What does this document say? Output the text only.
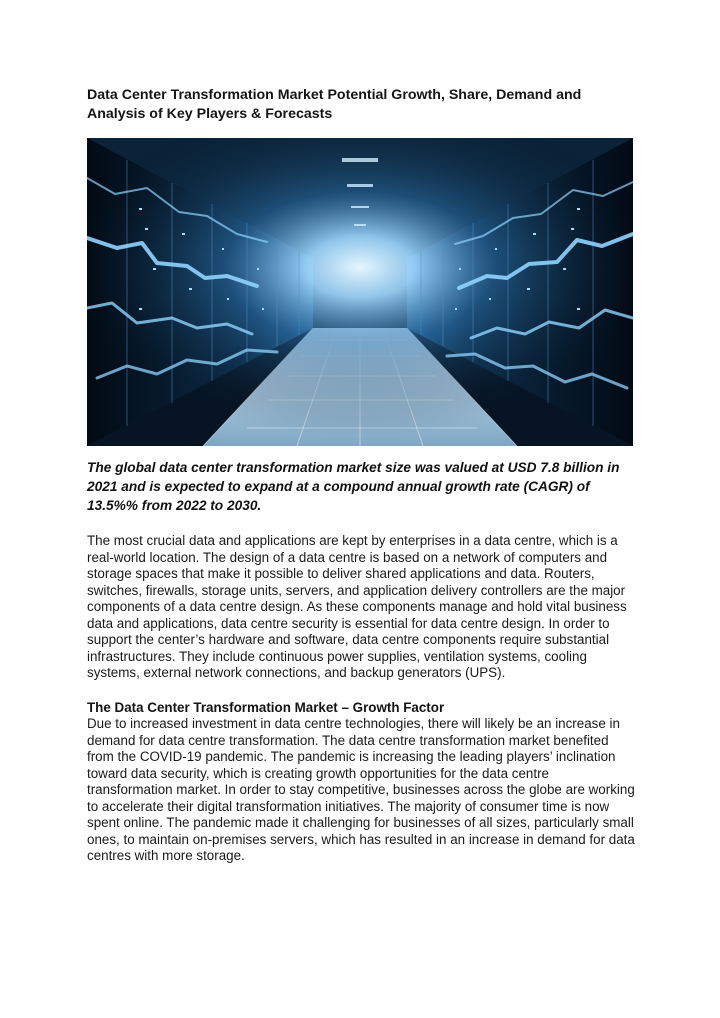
Data Center Transformation Market Potential Growth, Share, Demand and Analysis of Key Players & Forecasts

The global data center transformation market size was valued at USD 7.8 billion in 2021 and is expected to expand at a compound annual growth rate (CAGR) of 13.5%% from 2022 to 2030.

The most crucial data and applications are kept by enterprises in a data centre, which is a real-world location. The design of a data centre is based on a network of computers and storage spaces that make it possible to deliver shared applications and data. Routers, switches, firewalls, storage units, servers, and application delivery controllers are the major components of a data centre design. As these components manage and hold vital business data and applications, data centre security is essential for data centre design. In order to support the center’s hardware and software, data centre components require substantial infrastructures. They include continuous power supplies, ventilation systems, cooling systems, external network connections, and backup generators (UPS).

The Data Center Transformation Market – Growth Factor

Due to increased investment in data centre technologies, there will likely be an increase in demand for data centre transformation. The data centre transformation market benefited from the COVID-19 pandemic. The pandemic is increasing the leading players’ inclination toward data security, which is creating growth opportunities for the data centre transformation market. In order to stay competitive, businesses across the globe are working to accelerate their digital transformation initiatives. The majority of consumer time is now spent online. The pandemic made it challenging for businesses of all sizes, particularly small ones, to maintain on-premises servers, which has resulted in an increase in demand for data centres with more storage.
